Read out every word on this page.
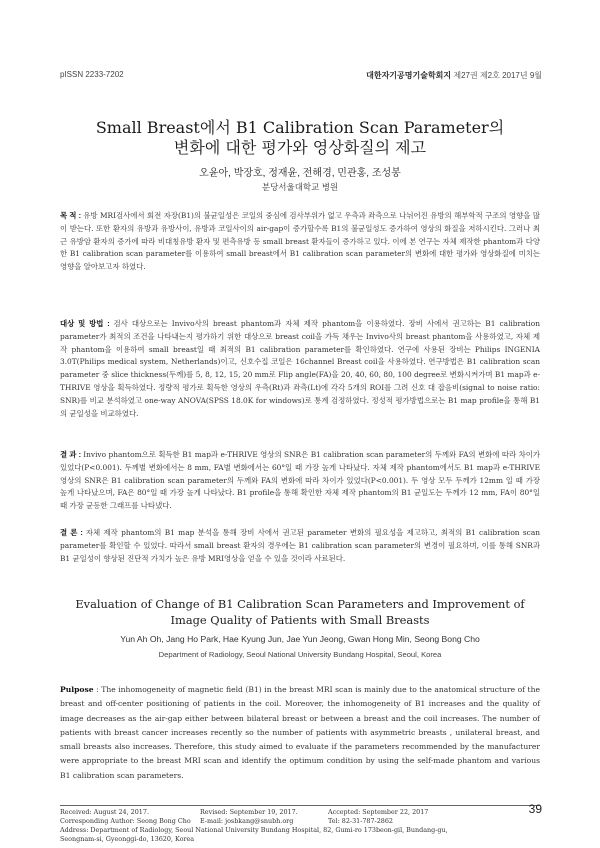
pISSN 2233-7202	대한자기공명기술학회지 제27권 제2호 2017년 9월
Small Breast에서 B1 Calibration Scan Parameter의
변화에 대한 평가와 영상화질의 제고
오윤아, 박장호, 정재윤, 전해경, 민관홍, 조성봉
분당서울대학교 병원

목 적 : 유방 MRI검사에서 회전 자장(B1)의 불균일성은 코일의 중심에 검사부위가 없고 우측과 좌측으로 나뉘어진 유방의 해부학적 구조의 영향을 많이 받는다. 또한 환자의 유방과 유방사이, 유방과 코일사이의 air-gap이 증가할수록 B1의 불균일성도 증가하여 영상의 화질을 저하시킨다. 그러나 최근 유방암 환자의 증가에 따라 비대칭유방 환자 및 편측유방 등 small breast 환자들이 증가하고 있다. 이에 본 연구는 자체 제작한 phantom과 다양한 B1 calibration scan parameter를 이용하여 small breast에서 B1 calibration scan parameter의 변화에 대한 평가와 영상화질에 미치는 영향을 알아보고자 하였다.

대상 및 방법 : 검사 대상으로는 Invivo사의 breast phantom과 자체 제작 phantom을 이용하였다. 장비 사에서 권고하는 B1 calibration parameter가 최적의 조건을 나타내는지 평가하기 위한 대상으로 breast coil을 가득 채우는 Invivo사의 breast phantom을 사용하였고, 자체 제작 phantom을 이용하여 small breast일 때 최적의 B1 calibration parameter를 확인하였다. 연구에 사용된 장비는 Philips INGENIA 3.0T(Philips medical system, Netherlands)이고, 신호수집 코일은 16channel Breast coil을 사용하였다. 연구방법은 B1 calibration scan parameter 중 slice thickness(두께)를 5, 8, 12, 15, 20 mm로 Flip angle(FA)을 20, 40, 60, 80, 100 degree로 변화시켜가며 B1 map과 e-THRIVE 영상을 획득하였다. 정량적 평가로 획득한 영상의 우측(Rt)과 좌측(Lt)에 각각 5개의 ROI를 그려 신호 대 잡음비(signal to noise ratio: SNR)를 비교 분석하였고 one-way ANOVA(SPSS 18.0K for windows)로 통계 검정하였다. 정성적 평가방법으로는 B1 map profile을 통해 B1의 균일성을 비교하였다.

결 과 : Invivo phantom으로 획득한 B1 map과 e-THRIVE 영상의 SNR은 B1 calibration scan parameter의 두께와 FA의 변화에 따라 차이가 있었다(P<0.001). 두께별 변화에서는 8 mm, FA별 변화에서는 60°일 때 가장 높게 나타났다. 자체 제작 phantom에서도 B1 map과 e-THRIVE 영상의 SNR은 B1 calibration scan parameter의 두께와 FA의 변화에 따라 차이가 있었다(P<0.001). 두 영상 모두 두께가 12mm 일 때 가장 높게 나타났으며, FA은 80°일 때 가장 높게 나타났다. B1 profile을 통해 확인한 자체 제작 phantom의 B1 균일도는 두께가 12 mm, FA이 80°일 때 가장 균등한 그래프를 나타냈다.

결 론 : 자체 제작 phantom의 B1 map 분석을 통해 장비 사에서 권고된 parameter 변화의 필요성을 제고하고, 최적의 B1 calibration scan parameter를 확인할 수 있었다. 따라서 small breast 환자의 경우에는 B1 calibration scan parameter의 변경이 필요하며, 이를 통해 SNR과 B1 균일성이 향상된 진단적 가치가 높은 유방 MRI영상을 얻을 수 있을 것이라 사료된다.

Evaluation of Change of B1 Calibration Scan Parameters and Improvement of
Image Quality of Patients with Small Breasts
Yun Ah Oh, Jang Ho Park, Hae Kyung Jun, Jae Yun Jeong, Gwan Hong Min, Seong Bong Cho
Department of Radiology, Seoul National University Bundang Hospital, Seoul, Korea

Pulpose : The inhomogeneity of magnetic field (B1) in the breast MRI scan is mainly due to the anatomical structure of the breast and off-center positioning of patients in the coil. Moreover, the inhomogeneity of B1 increases and the quality of image decreases as the air-gap either between bilateral breast or between a breast and the coil increases. The number of patients with breast cancer increases recently so the number of patients with asymmetric breasts , unilateral breast, and small breasts also increases. Therefore, this study aimed to evaluate if the parameters recommended by the manufacturer were appropriate to the breast MRI scan and identify the optimum condition by using the self-made phantom and various B1 calibration scan parameters.

Received: August 24, 2017.	Revised: September 19, 2017.	Accepted: September 22, 2017
Corresponding Author: Seong Bong Cho	E-mail: josbkang@snubh.org	Tel: 82-31-787-2862
Address: Department of Radiology, Seoul National University Bundang Hospital, 82, Gumi-ro 173beon-gil, Bundang-gu,
Seongnam-si, Gyeonggi-do, 13620, Korea
39
